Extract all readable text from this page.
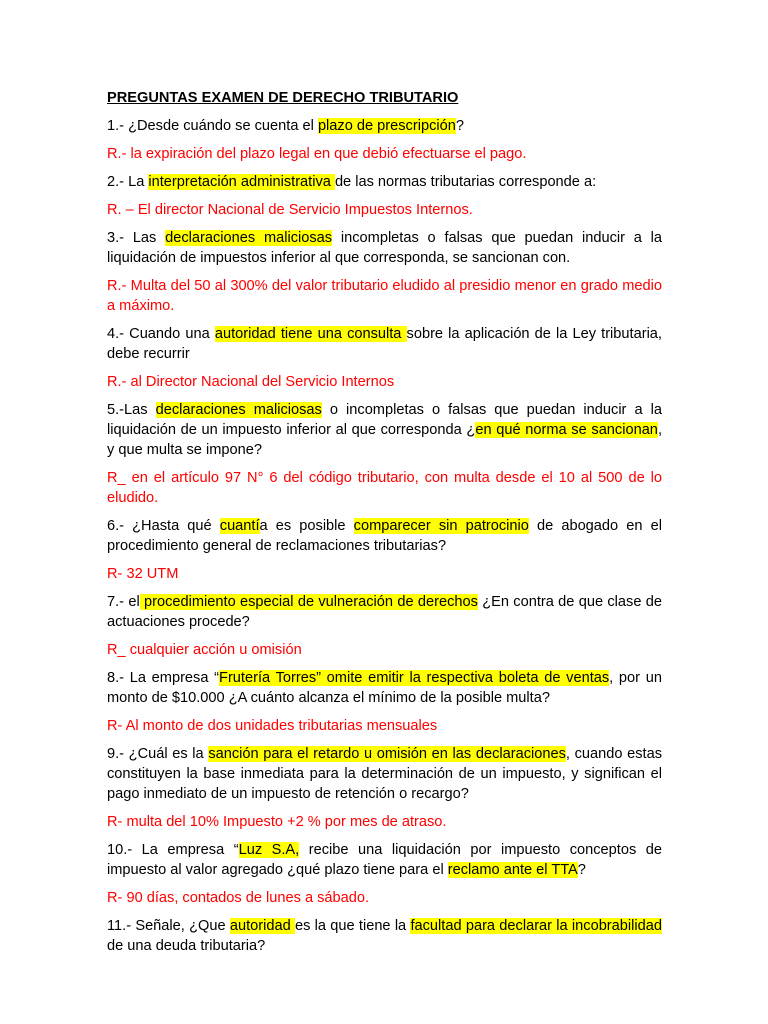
PREGUNTAS EXAMEN DE DERECHO TRIBUTARIO

1.- ¿Desde cuándo se cuenta el plazo de prescripción?

R.- la expiración del plazo legal en que debió efectuarse el pago.

2.- La interpretación administrativa de las normas tributarias corresponde a:

R. – El director Nacional de Servicio Impuestos Internos.

3.- Las declaraciones maliciosas incompletas o falsas que puedan inducir a la liquidación de impuestos inferior al que corresponda, se sancionan con.

R.- Multa del 50 al 300% del valor tributario eludido al presidio menor en grado medio a máximo.

4.- Cuando una autoridad tiene una consulta sobre la aplicación de la Ley tributaria, debe recurrir

R.- al Director Nacional del Servicio Internos

5.-Las declaraciones maliciosas o incompletas o falsas que puedan inducir a la liquidación de un impuesto inferior al que corresponda ¿en qué norma se sancionan, y que multa se impone?

R_ en el artículo 97 N° 6 del código tributario, con multa desde el 10 al 500 de lo eludido.

6.- ¿Hasta qué cuantía es posible comparecer sin patrocinio de abogado en el procedimiento general de reclamaciones tributarias?

R- 32 UTM

7.- el procedimiento especial de vulneración de derechos ¿En contra de que clase de actuaciones procede?

R_ cualquier acción u omisión

8.- La empresa “Frutería Torres” omite emitir la respectiva boleta de ventas, por un monto de $10.000 ¿A cuánto alcanza el mínimo de la posible multa?

R- Al monto de dos unidades tributarias mensuales

9.- ¿Cuál es la sanción para el retardo u omisión en las declaraciones, cuando estas constituyen la base inmediata para la determinación de un impuesto, y significan el pago inmediato de un impuesto de retención o recargo?

R- multa del 10% Impuesto +2 % por mes de atraso.

10.- La empresa “Luz S.A, recibe una liquidación por impuesto conceptos de impuesto al valor agregado ¿qué plazo tiene para el reclamo ante el TTA?

R- 90 días, contados de lunes a sábado.

11.- Señale, ¿Que autoridad es la que tiene la facultad para declarar la incobrabilidad de una deuda tributaria?
